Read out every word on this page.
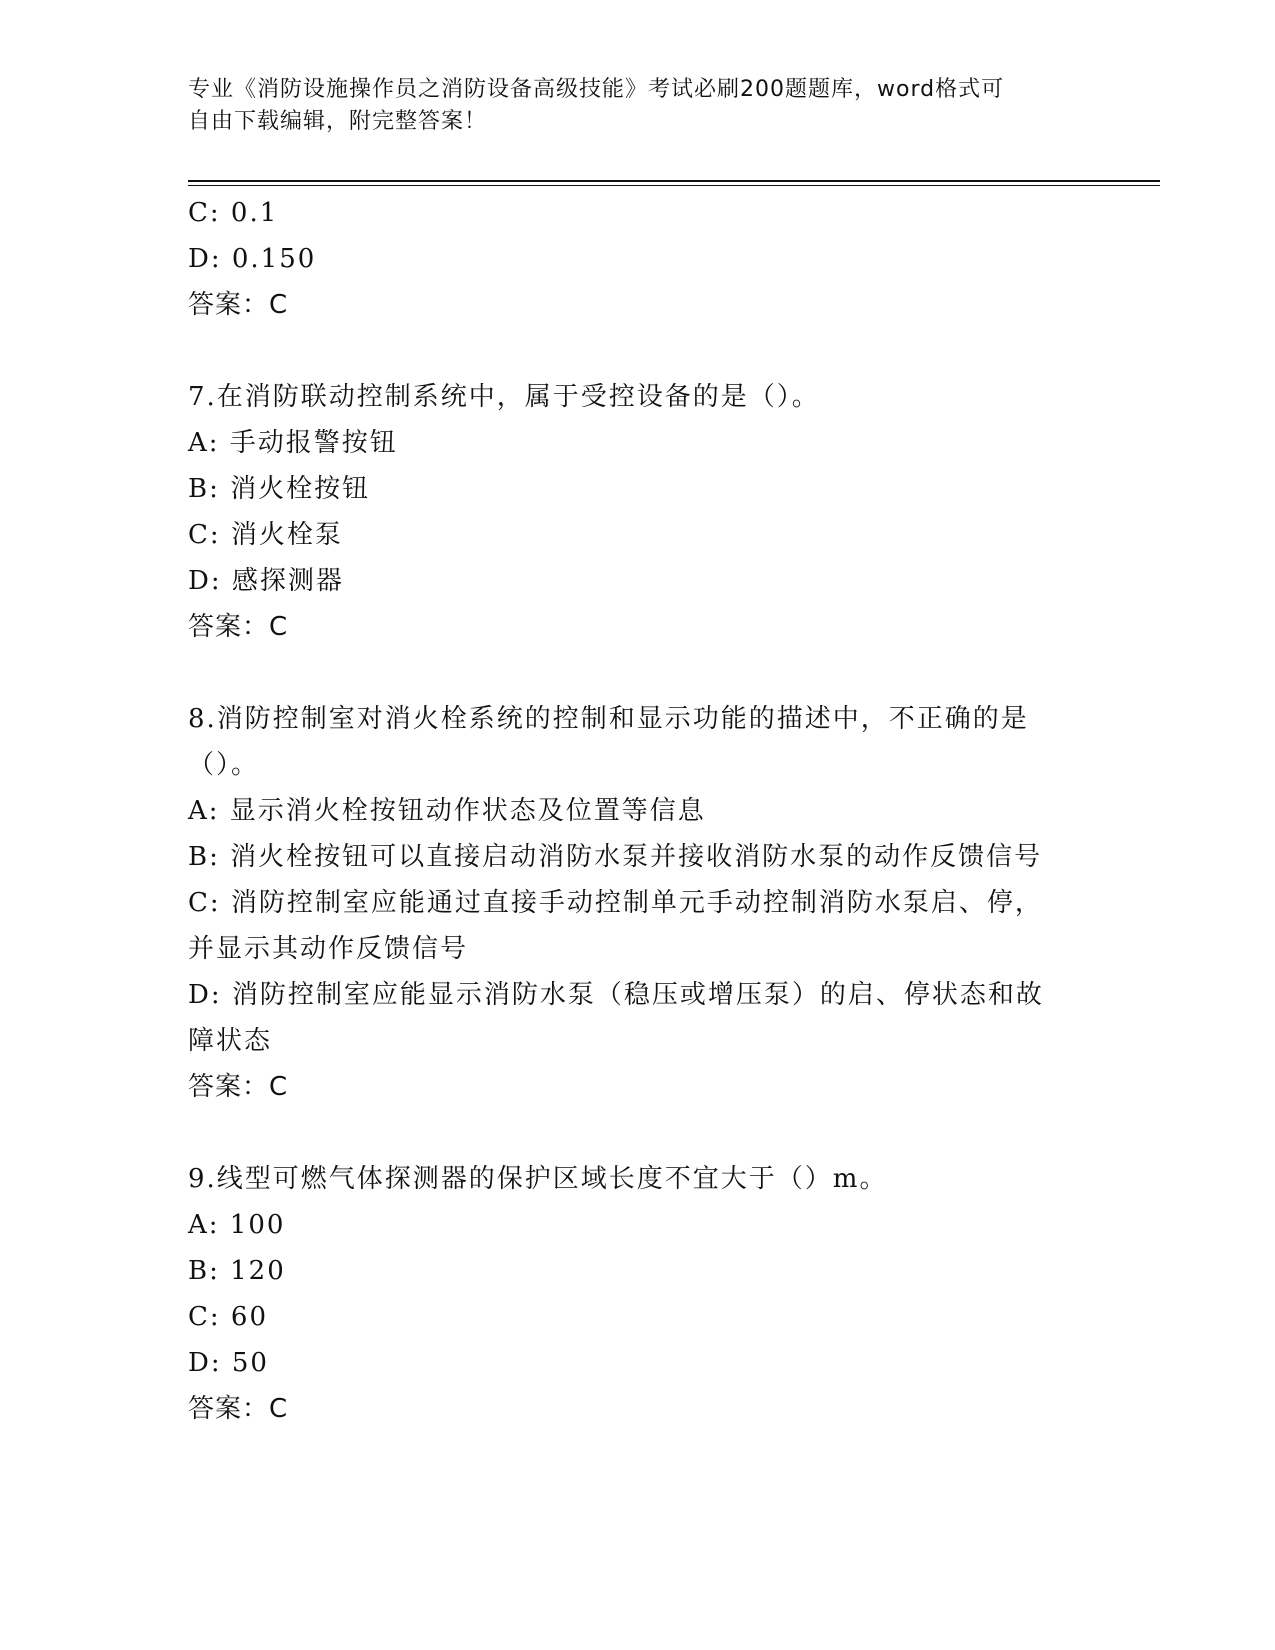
专业《消防设施操作员之消防设备高级技能》考试必刷200题题库，word格式可
自由下载编辑，附完整答案！

C: 0.1

D: 0.150

答案：C

7.在消防联动控制系统中，属于受控设备的是（）。

A: 手动报警按钮

B: 消火栓按钮

C: 消火栓泵

D: 感探测器

答案：C

8.消防控制室对消火栓系统的控制和显示功能的描述中，不正确的是

（）。

A: 显示消火栓按钮动作状态及位置等信息

B: 消火栓按钮可以直接启动消防水泵并接收消防水泵的动作反馈信号

C: 消防控制室应能通过直接手动控制单元手动控制消防水泵启、停，

并显示其动作反馈信号

D: 消防控制室应能显示消防水泵（稳压或增压泵）的启、停状态和故

障状态

答案：C

9.线型可燃气体探测器的保护区域长度不宜大于（）m。

A: 100

B: 120

C: 60

D: 50

答案：C
